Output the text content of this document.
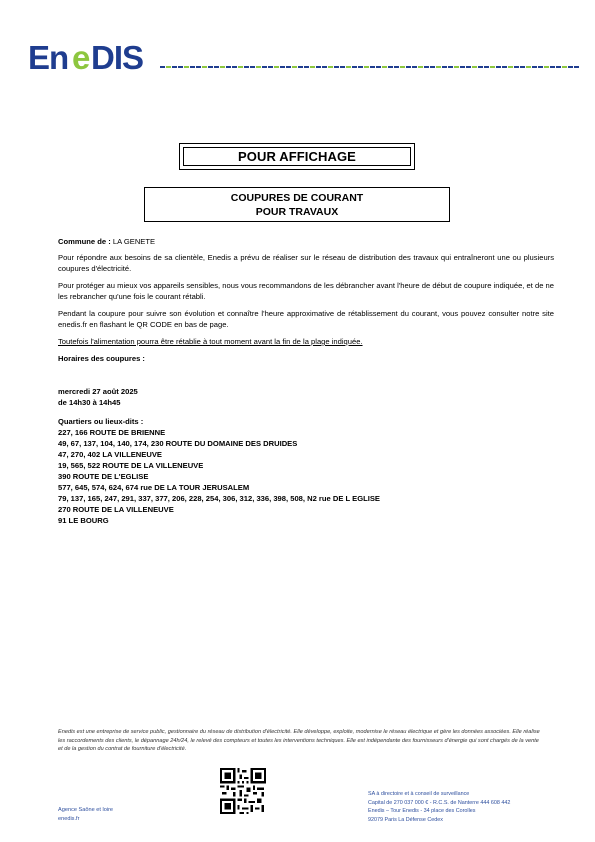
En e DIS
POUR AFFICHAGE
COUPURES DE COURANT
POUR TRAVAUX

Commune de : LA GENETE

Pour répondre aux besoins de sa clientèle, Enedis a prévu de réaliser sur le réseau de distribution des travaux qui entraîneront une ou plusieurs coupures d'électricité.

Pour protéger au mieux vos appareils sensibles, nous vous recommandons de les débrancher avant l'heure de début de coupure indiquée, et de ne les rebrancher qu'une fois le courant rétabli.

Pendant la coupure pour suivre son évolution et connaître l'heure approximative de rétablissement du courant, vous pouvez consulter notre site enedis.fr en flashant le QR CODE en bas de page.

Toutefois l'alimentation pourra être rétablie à tout moment avant la fin de la plage indiquée.

Horaires des coupures :

mercredi 27 août 2025

de 14h30 à 14h45

Quartiers ou lieux-dits :

227, 166 ROUTE DE BRIENNE

49, 67, 137, 104, 140, 174, 230 ROUTE DU DOMAINE DES DRUIDES

47, 270, 402 LA VILLENEUVE

19, 565, 522 ROUTE DE LA VILLENEUVE

390 ROUTE DE L'EGLISE

577, 645, 574, 624, 674 rue DE LA TOUR JERUSALEM

79, 137, 165, 247, 291, 337, 377, 206, 228, 254, 306, 312, 336, 398, 508, N2 rue DE L EGLISE

270 ROUTE DE LA VILLENEUVE

91 LE BOURG

Enedis est une entreprise de service public, gestionnaire du réseau de distribution d'électricité. Elle développe, exploite, modernise le réseau électrique et gère les données associées. Elle réalise les raccordements des clients, le dépannage 24h/24, le relevé des compteurs et toutes les interventions techniques. Elle est indépendante des fournisseurs d'énergie qui sont chargés de la vente et de la gestion du contrat de fourniture d'électricité.
Agence Saône et loire
enedis.fr
SA à directoire et à conseil de surveillance
Capital de 270 037 000 € - R.C.S. de Nanterre 444 608 442
Enedis – Tour Enedis - 34 place des Corolles
92079 Paris La Défense Cedex
